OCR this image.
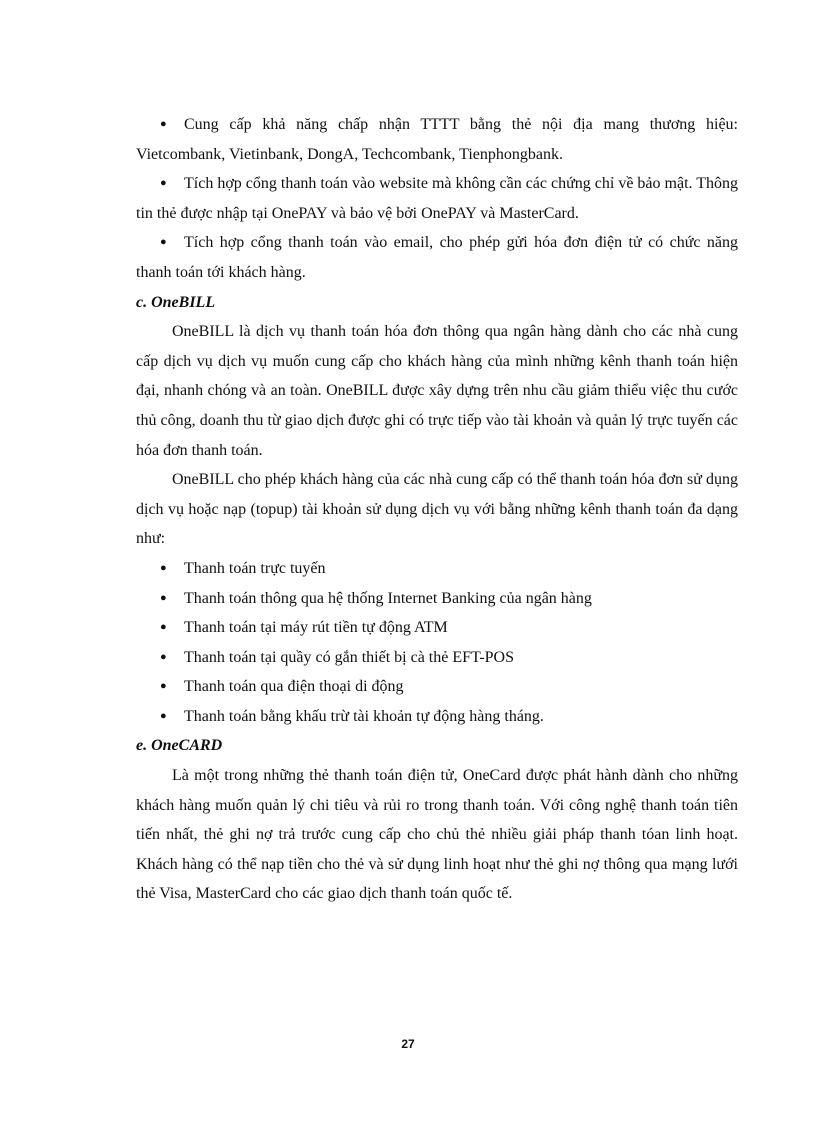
● Cung cấp khả năng chấp nhận TTTT bằng thẻ nội địa mang thương hiệu: Vietcombank, Vietinbank, DongA, Techcombank, Tienphongbank.
● Tích hợp cổng thanh toán vào website mà không cần các chứng chỉ về bảo mật. Thông tin thẻ được nhập tại OnePAY và bảo vệ bởi OnePAY và MasterCard.
● Tích hợp cổng thanh toán vào email, cho phép gửi hóa đơn điện tử có chức năng thanh toán tới khách hàng.

c. OneBILL

OneBILL là dịch vụ thanh toán hóa đơn thông qua ngân hàng dành cho các nhà cung cấp dịch vụ dịch vụ muốn cung cấp cho khách hàng của mình những kênh thanh toán hiện đại, nhanh chóng và an toàn. OneBILL được xây dựng trên nhu cầu giảm thiểu việc thu cước thủ công, doanh thu từ giao dịch được ghi có trực tiếp vào tài khoản và quản lý trực tuyến các hóa đơn thanh toán.

OneBILL cho phép khách hàng của các nhà cung cấp có thể thanh toán hóa đơn sử dụng dịch vụ hoặc nạp (topup) tài khoản sử dụng dịch vụ với bằng những kênh thanh toán đa dạng như:

● Thanh toán trực tuyến
● Thanh toán thông qua hệ thống Internet Banking của ngân hàng
● Thanh toán tại máy rút tiền tự động ATM
● Thanh toán tại quầy có gắn thiết bị cà thẻ EFT-POS
● Thanh toán qua điện thoại di động
● Thanh toán bằng khấu trừ tài khoản tự động hàng tháng.

e. OneCARD

Là một trong những thẻ thanh toán điện tử, OneCard được phát hành dành cho những khách hàng muốn quản lý chi tiêu và rủi ro trong thanh toán. Với công nghệ thanh toán tiên tiến nhất, thẻ ghi nợ trả trước cung cấp cho chủ thẻ nhiều giải pháp thanh tóan linh hoạt. Khách hàng có thể nạp tiền cho thẻ và sử dụng linh hoạt như thẻ ghi nợ thông qua mạng lưới thẻ Visa, MasterCard cho các giao dịch thanh toán quốc tế.

27
